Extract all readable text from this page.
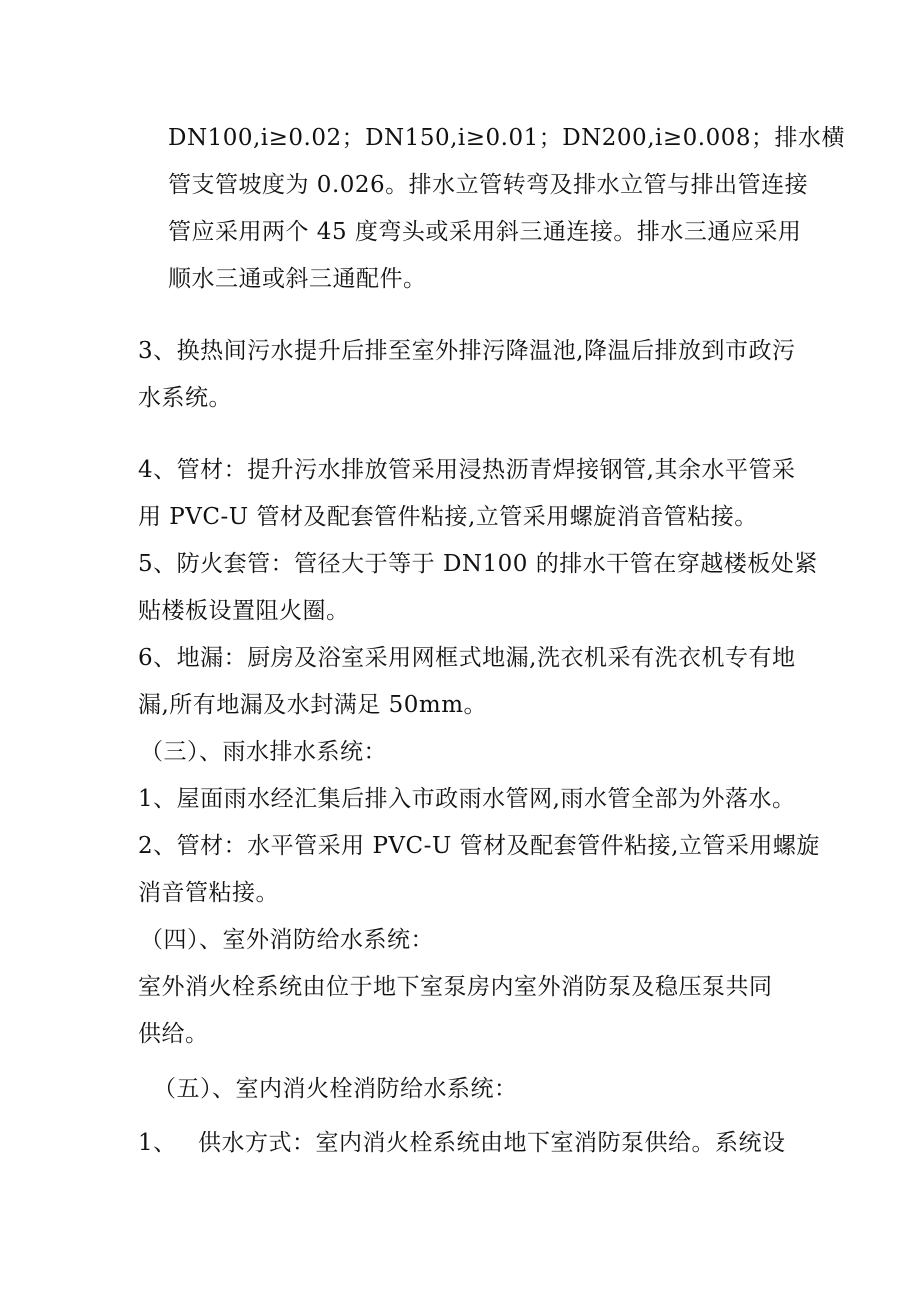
DN100,i≥0.02；DN150,i≥0.01；DN200,i≥0.008；排水横
管支管坡度为 0.026。排水立管转弯及排水立管与排出管连接
管应采用两个 45 度弯头或采用斜三通连接。排水三通应采用
顺水三通或斜三通配件。
3、换热间污水提升后排至室外排污降温池,降温后排放到市政污
水系统。
4、管材：提升污水排放管采用浸热沥青焊接钢管,其余水平管采
用 PVC-U 管材及配套管件粘接,立管采用螺旋消音管粘接。
5、防火套管：管径大于等于 DN100 的排水干管在穿越楼板处紧
贴楼板设置阻火圈。
6、地漏：厨房及浴室采用网框式地漏,洗衣机采有洗衣机专有地
漏,所有地漏及水封满足 50mm。
（三）、雨水排水系统：
1、屋面雨水经汇集后排入市政雨水管网,雨水管全部为外落水。
2、管材：水平管采用 PVC-U 管材及配套管件粘接,立管采用螺旋
消音管粘接。
（四）、室外消防给水系统：
室外消火栓系统由位于地下室泵房内室外消防泵及稳压泵共同
供给。
（五）、室内消火栓消防给水系统：
1、 供水方式：室内消火栓系统由地下室消防泵供给。系统设
